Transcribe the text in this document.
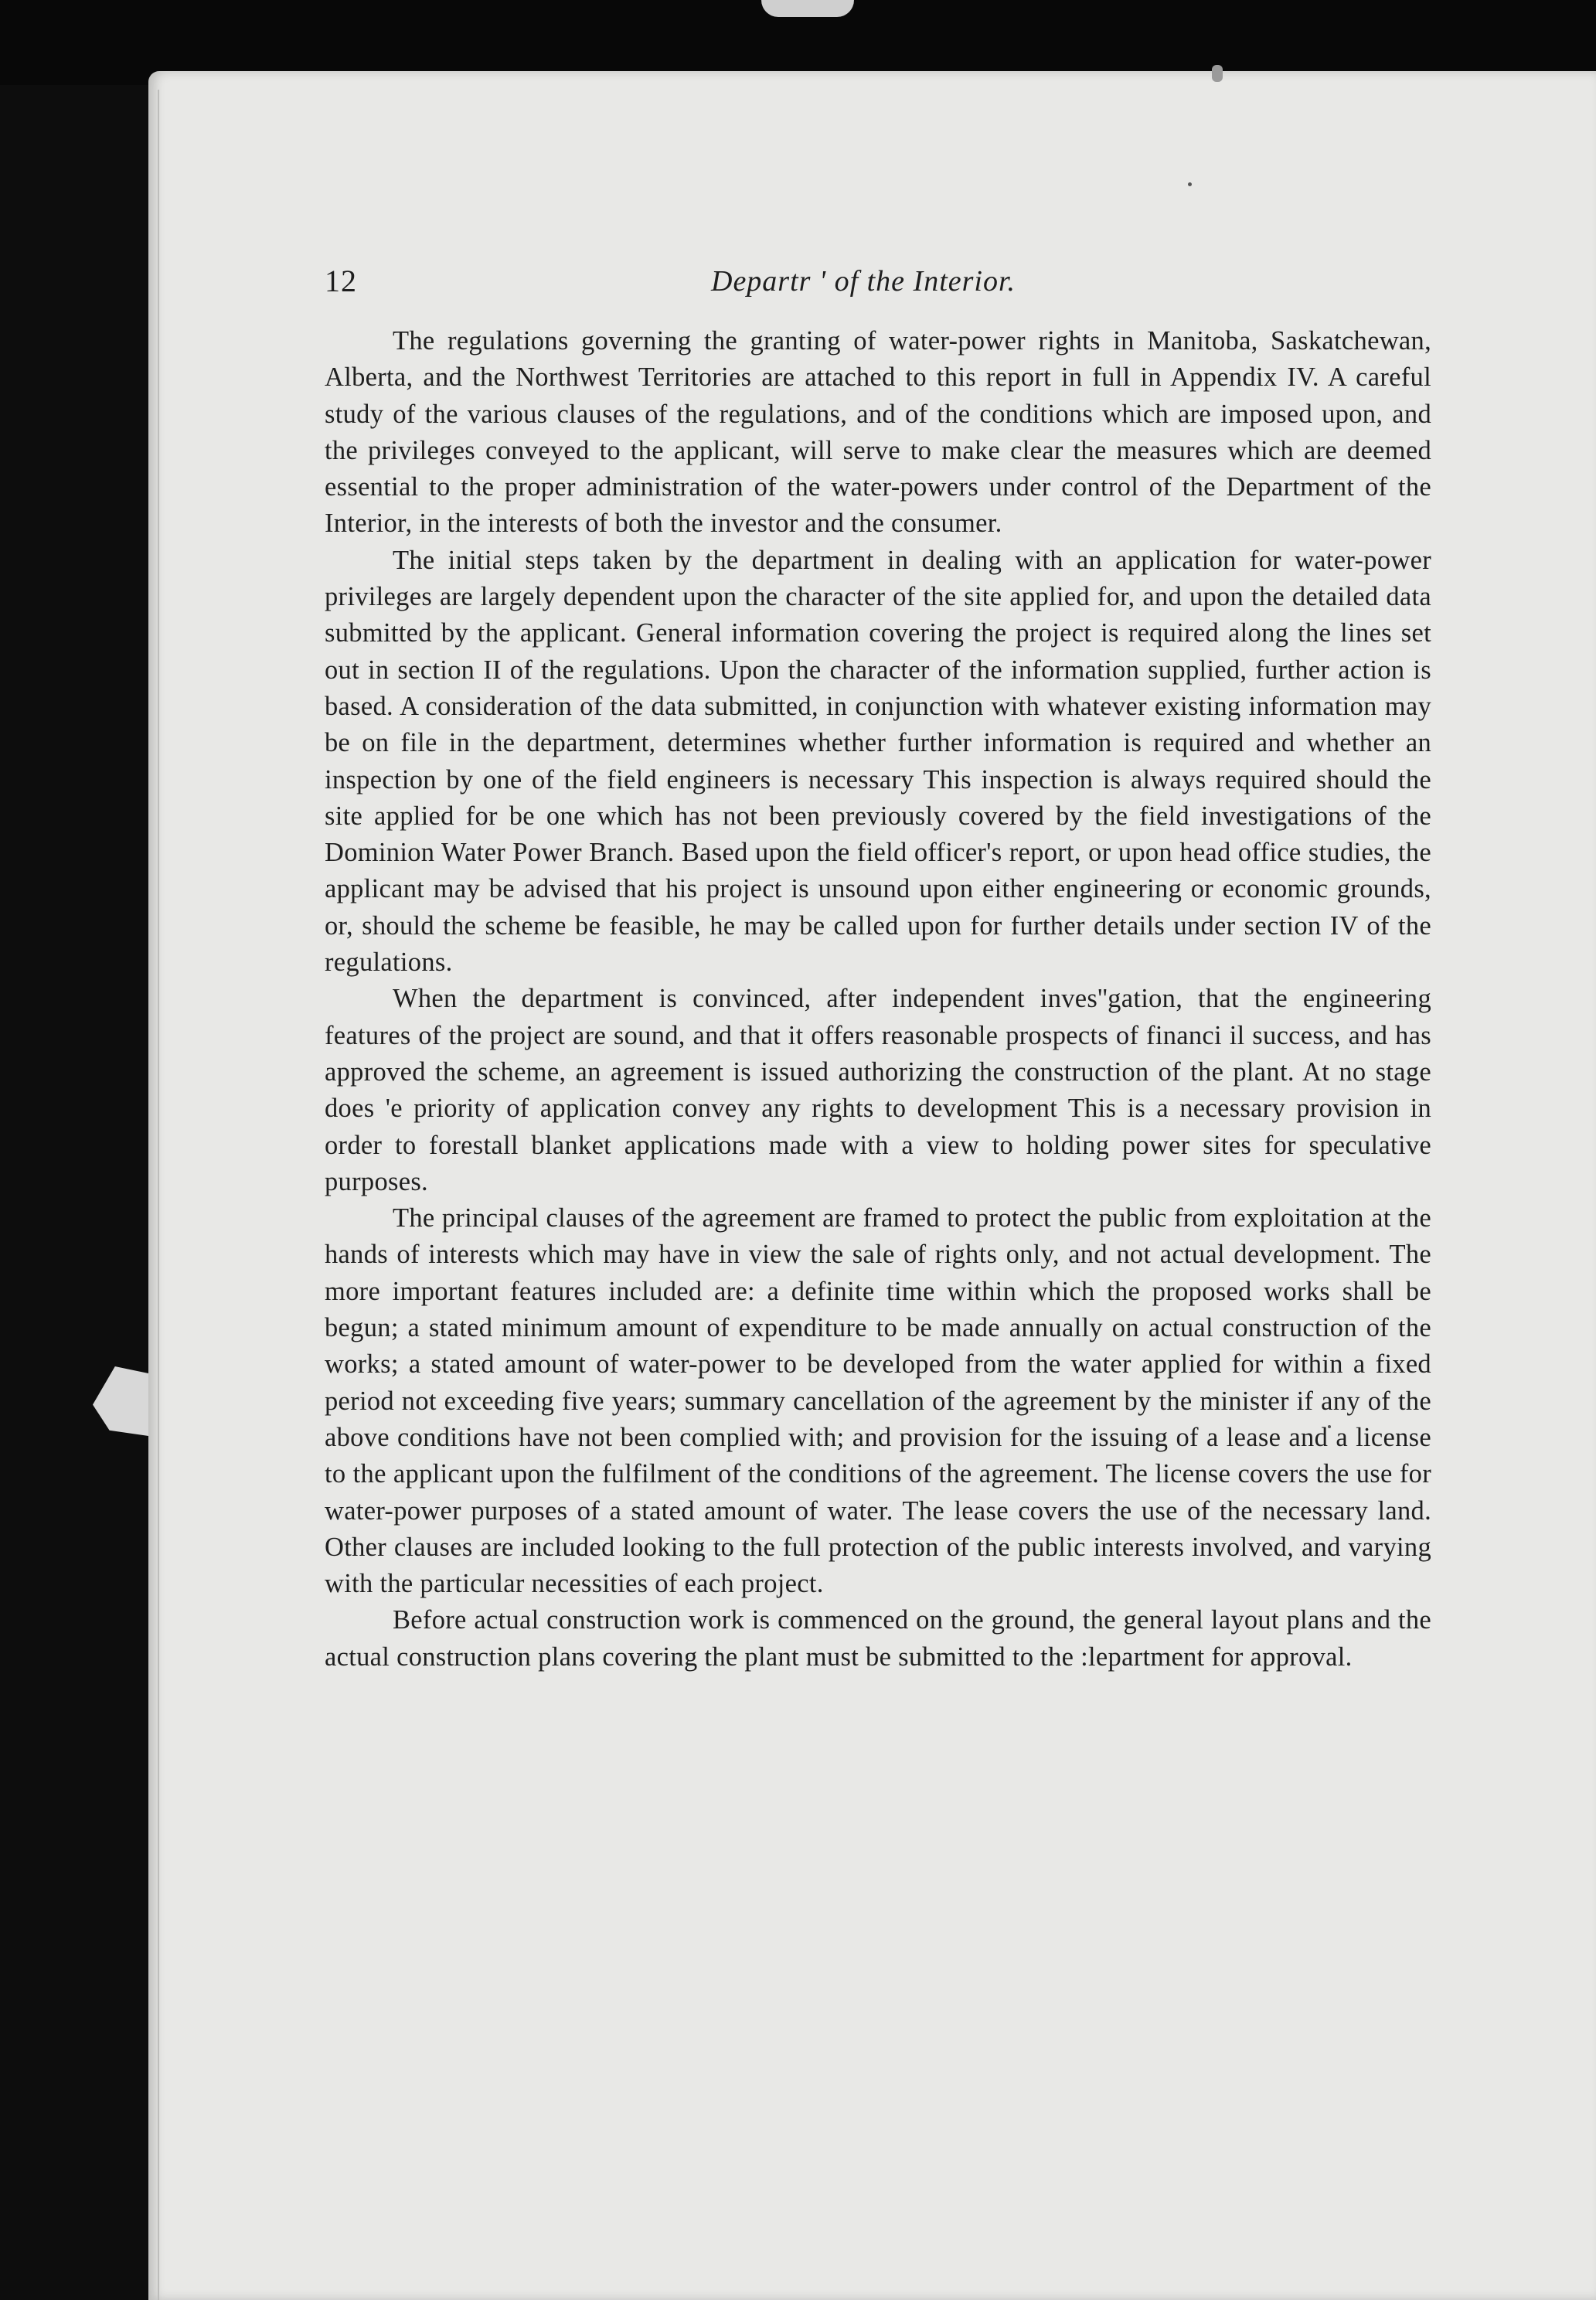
12	Departr ' of the Interior.

The regulations governing the granting of water-power rights in Manitoba, Saskatchewan, Alberta, and the Northwest Territories are attached to this report in full in Appendix IV. A careful study of the various clauses of the regulations, and of the conditions which are imposed upon, and the privileges conveyed to the applicant, will serve to make clear the measures which are deemed essential to the proper administration of the water-powers under control of the Department of the Interior, in the interests of both the investor and the consumer.

The initial steps taken by the department in dealing with an application for water-power privileges are largely dependent upon the character of the site applied for, and upon the detailed data submitted by the applicant. General information covering the project is required along the lines set out in section II of the regulations. Upon the character of the information supplied, further action is based. A consideration of the data submitted, in conjunction with whatever existing information may be on file in the department, determines whether further information is required and whether an inspection by one of the field engineers is necessary This inspection is always required should the site applied for be one which has not been previously covered by the field investigations of the Dominion Water Power Branch. Based upon the field officer's report, or upon head office studies, the applicant may be advised that his project is unsound upon either engineering or economic grounds, or, should the scheme be feasible, he may be called upon for further details under section IV of the regulations.

When the department is convinced, after independent inves''gation, that the engineering features of the project are sound, and that it offers reasonable prospects of financi il success, and has approved the scheme, an agreement is issued authorizing the construction of the plant. At no stage does 'e priority of application convey any rights to development This is a necessary provision in order to forestall blanket applications made with a view to holding power sites for speculative purposes.

The principal clauses of the agreement are framed to protect the public from exploitation at the hands of interests which may have in view the sale of rights only, and not actual development. The more important features included are: a definite time within which the proposed works shall be begun; a stated minimum amount of expenditure to be made annually on actual construction of the works; a stated amount of water-power to be developed from the water applied for within a fixed period not exceeding five years; summary cancellation of the agreement by the minister if any of the above conditions have not been complied with; and provision for the issuing of a lease and a license to the applicant upon the fulfilment of the conditions of the agreement. The license covers the use for water-power purposes of a stated amount of water. The lease covers the use of the necessary land. Other clauses are included looking to the full protection of the public interests involved, and varying with the particular necessities of each project.

Before actual construction work is commenced on the ground, the general layout plans and the actual construction plans covering the plant must be submitted to the :lepartment for approval.
